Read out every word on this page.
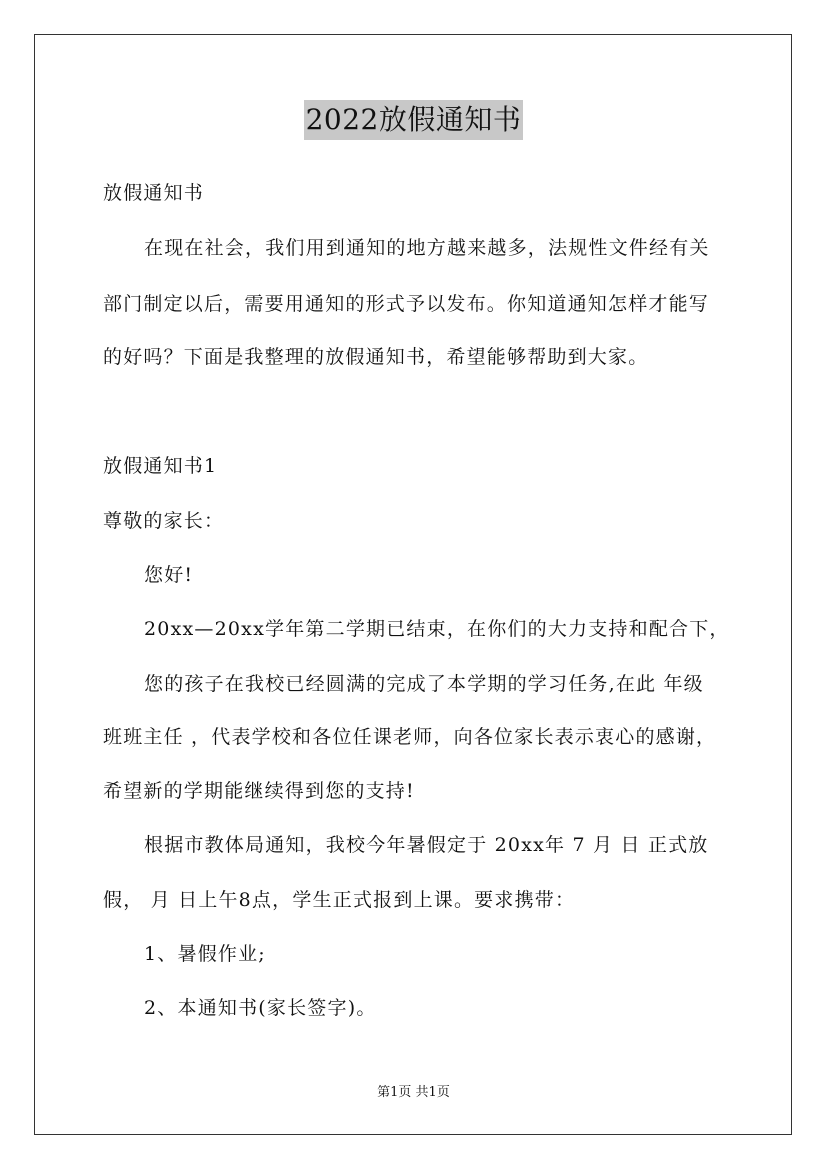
2022放假通知书
放假通知书
在现在社会，我们用到通知的地方越来越多，法规性文件经有关
部门制定以后，需要用通知的形式予以发布。你知道通知怎样才能写
的好吗？下面是我整理的放假通知书，希望能够帮助到大家。
放假通知书1
尊敬的家长：
您好!
20xx—20xx学年第二学期已结束，在你们的大力支持和配合下，
您的孩子在我校已经圆满的完成了本学期的学习任务,在此 年级
班班主任 ，代表学校和各位任课老师，向各位家长表示衷心的感谢，
希望新的学期能继续得到您的支持!
根据市教体局通知，我校今年暑假定于 20xx年 7 月 日 正式放
假， 月 日上午8点，学生正式报到上课。要求携带：
1、暑假作业;
2、本通知书(家长签字)。
第1页 共1页
